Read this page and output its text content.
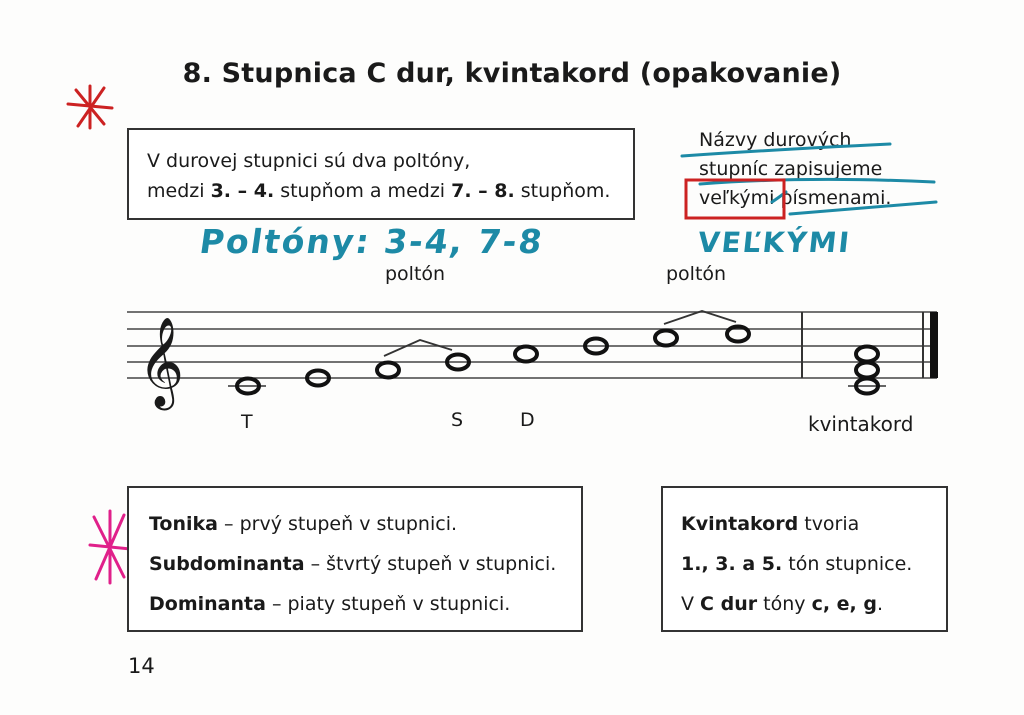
8. Stupnica C dur, kvintakord (opakovanie)
V durovej stupnici sú dva poltóny,
medzi 3. – 4. stupňom a medzi 7. – 8. stupňom.
Názvy durových
stupníc zapisujeme
veľkými písmenami.
Poltóny: 3-4, 7-8	VEĽKÝMI
𝄞
poltón	poltón
T	S	D	kvintakord
Tonika – prvý stupeň v stupnici.
Subdominanta – štvrtý stupeň v stupnici.
Dominanta – piaty stupeň v stupnici.
Kvintakord tvoria
1., 3. a 5. tón stupnice.
V C dur tóny c, e, g.
14
